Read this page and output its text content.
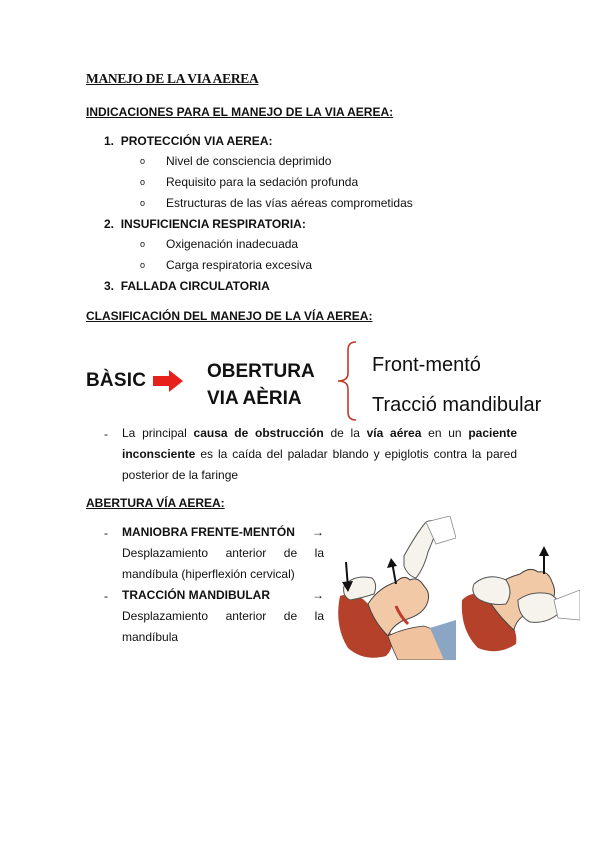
MANEJO DE LA VIA AEREA
INDICACIONES PARA EL MANEJO DE LA VIA AEREA:
1. PROTECCIÓN VIA AEREA:
o Nivel de consciencia deprimido
o Requisito para la sedación profunda
o Estructuras de las vías aéreas comprometidas
2. INSUFICIENCIA RESPIRATORIA:
o Oxigenación inadecuada
o Carga respiratoria excesiva
3. FALLADA CIRCULATORIA
CLASIFICACIÓN DEL MANEJO DE LA VÍA AEREA:
BÀSIC	OBERTURA
VIA AÈRIA
Front-mentó
Tracció mandibular
- La principal causa de obstrucción de la vía aérea en un paciente inconsciente es la caída del paladar blando y epiglotis contra la pared posterior de la faringe
ABERTURA VÍA AEREA:
- MANIOBRA FRENTE-MENTÓN →
Desplazamiento anterior de la mandíbula (hiperflexión cervical)
- TRACCIÓN MANDIBULAR	→
Desplazamiento anterior de la mandíbula
